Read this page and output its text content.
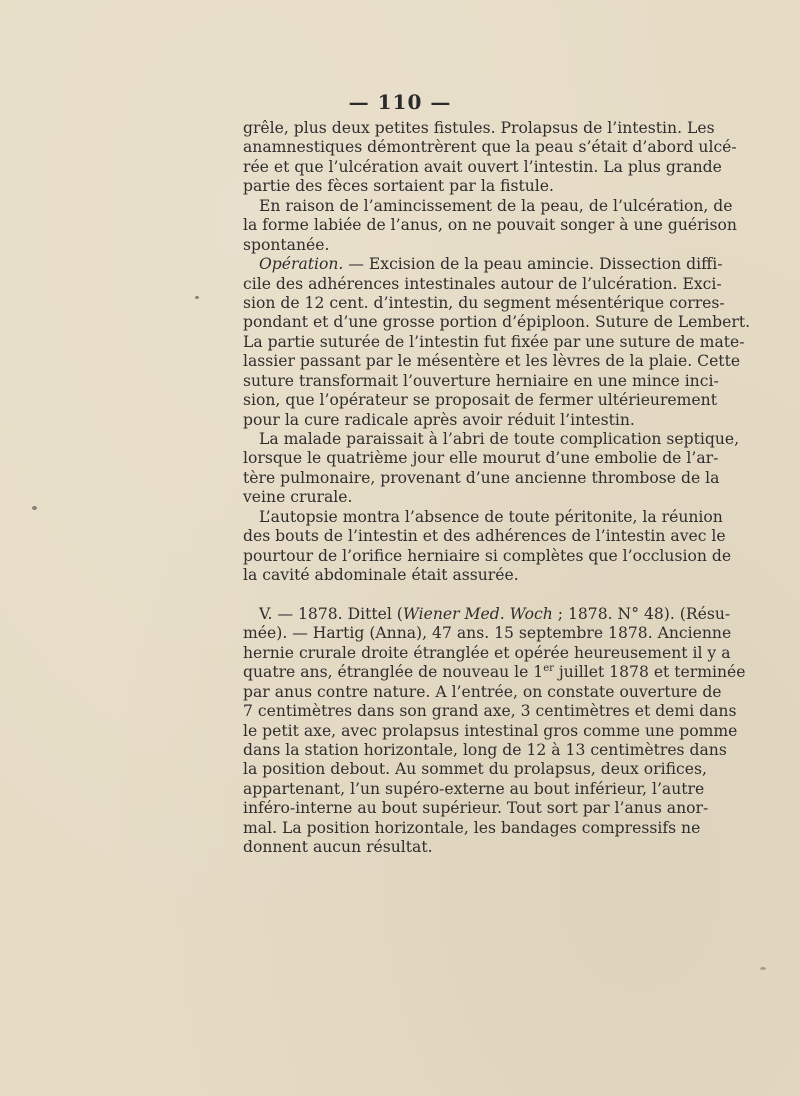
— 110 —
grêle, plus deux petites fistules. Prolapsus de l’intestin. Les
anamnestiques démontrèrent que la peau s’était d’abord ulcé-
rée et que l’ulcération avait ouvert l’intestin. La plus grande
partie des fèces sortaient par la fistule.
En raison de l’amincissement de la peau, de l’ulcération, de
la forme labiée de l’anus, on ne pouvait songer à une guérison
spontanée.
Opération. — Excision de la peau amincie. Dissection diffi-
cile des adhérences intestinales autour de l’ulcération. Exci-
sion de 12 cent. d’intestin, du segment mésentérique corres-
pondant et d’une grosse portion d’épiploon. Suture de Lembert.
La partie suturée de l’intestin fut fixée par une suture de mate-
lassier passant par le mésentère et les lèvres de la plaie. Cette
suture transformait l’ouverture herniaire en une mince inci-
sion, que l’opérateur se proposait de fermer ultérieurement
pour la cure radicale après avoir réduit l’intestin.
La malade paraissait à l’abri de toute complication septique,
lorsque le quatrième jour elle mourut d’une embolie de l’ar-
tère pulmonaire, provenant d’une ancienne thrombose de la
veine crurale.
L’autopsie montra l’absence de toute péritonite, la réunion
des bouts de l’intestin et des adhérences de l’intestin avec le
pourtour de l’orifice herniaire si complètes que l’occlusion de
la cavité abdominale était assurée.
V. — 1878. Dittel (Wiener Med. Woch ; 1878. N° 48). (Résu-
mée). — Hartig (Anna), 47 ans. 15 septembre 1878. Ancienne
hernie crurale droite étranglée et opérée heureusement il y a
quatre ans, étranglée de nouveau le 1er juillet 1878 et terminée
par anus contre nature. A l’entrée, on constate ouverture de
7 centimètres dans son grand axe, 3 centimètres et demi dans
le petit axe, avec prolapsus intestinal gros comme une pomme
dans la station horizontale, long de 12 à 13 centimètres dans
la position debout. Au sommet du prolapsus, deux orifices,
appartenant, l’un supéro-externe au bout inférieur, l’autre
inféro-interne au bout supérieur. Tout sort par l’anus anor-
mal. La position horizontale, les bandages compressifs ne
donnent aucun résultat.
